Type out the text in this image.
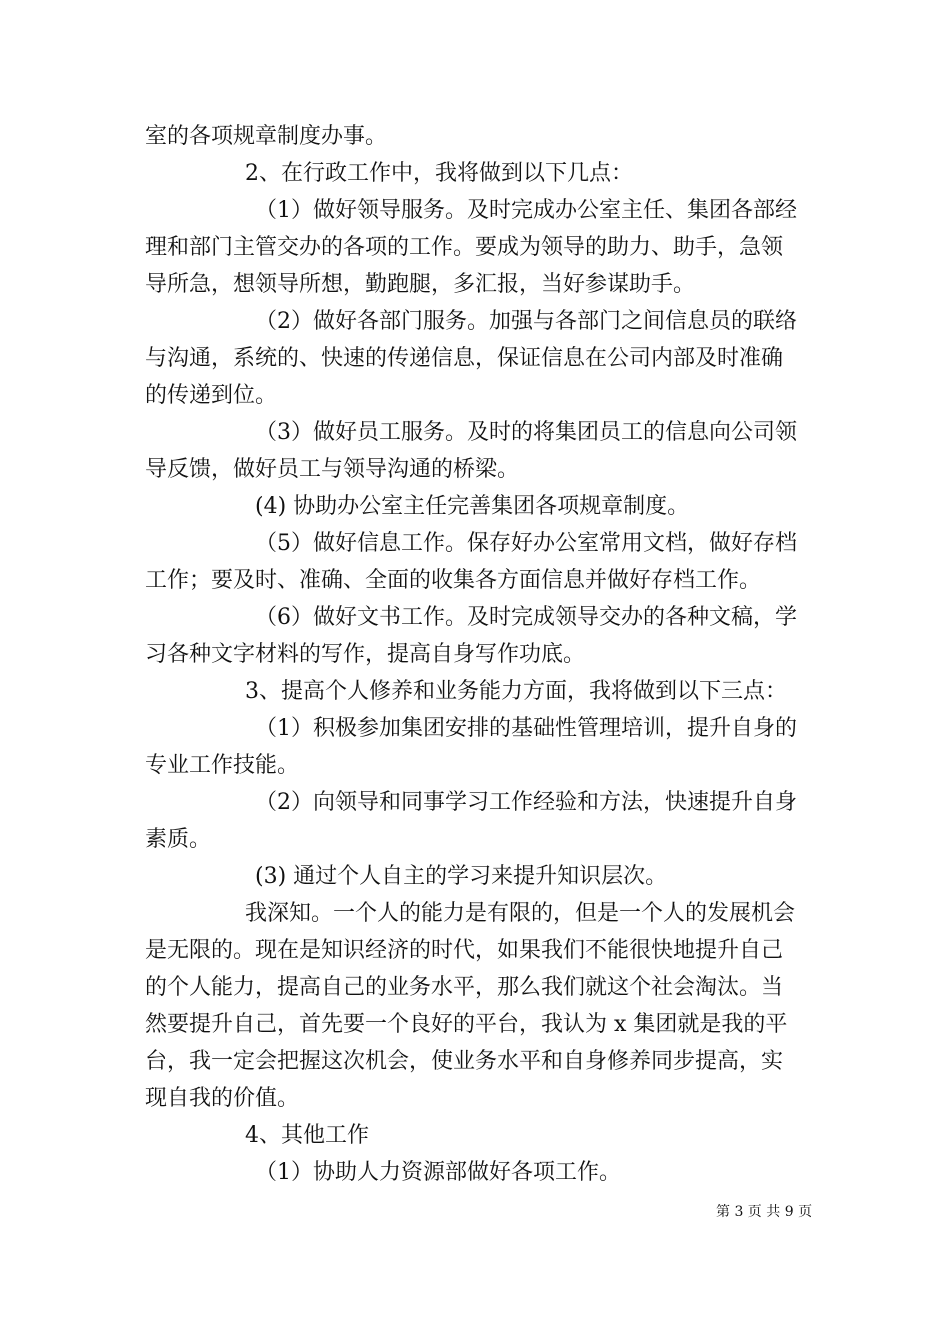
室的各项规章制度办事。
2、在行政工作中，我将做到以下几点：
（1）做好领导服务。及时完成办公室主任、集团各部经
理和部门主管交办的各项的工作。要成为领导的助力、助手，急领
导所急，想领导所想，勤跑腿，多汇报，当好参谋助手。
（2）做好各部门服务。加强与各部门之间信息员的联络
与沟通，系统的、快速的传递信息，保证信息在公司内部及时准确
的传递到位。
（3）做好员工服务。及时的将集团员工的信息向公司领
导反馈，做好员工与领导沟通的桥梁。
(4) 协助办公室主任完善集团各项规章制度。
（5）做好信息工作。保存好办公室常用文档，做好存档
工作；要及时、准确、全面的收集各方面信息并做好存档工作。
（6）做好文书工作。及时完成领导交办的各种文稿，学
习各种文字材料的写作，提高自身写作功底。
3、提高个人修养和业务能力方面，我将做到以下三点：
（1）积极参加集团安排的基础性管理培训，提升自身的
专业工作技能。
（2）向领导和同事学习工作经验和方法，快速提升自身
素质。
(3) 通过个人自主的学习来提升知识层次。
我深知。一个人的能力是有限的，但是一个人的发展机会
是无限的。现在是知识经济的时代，如果我们不能很快地提升自己
的个人能力，提高自己的业务水平，那么我们就这个社会淘汰。当
然要提升自己，首先要一个良好的平台，我认为 x 集团就是我的平
台，我一定会把握这次机会，使业务水平和自身修养同步提高，实
现自我的价值。
4、其他工作
（1）协助人力资源部做好各项工作。
第 3 页 共 9 页
